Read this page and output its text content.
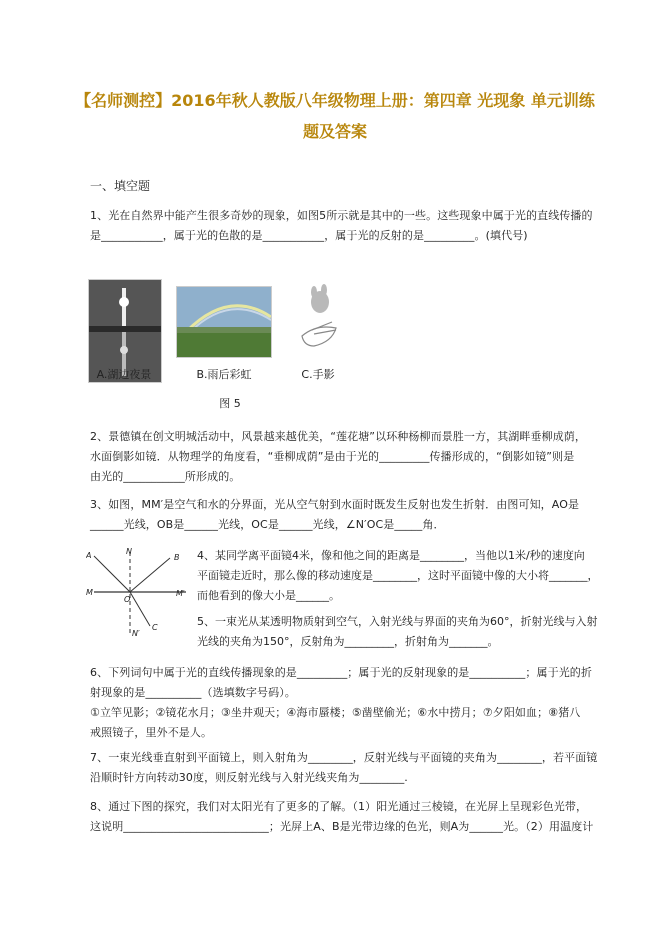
【名师测控】2016年秋人教版八年级物理上册：第四章 光现象 单元训练
题及答案
一、填空题
1、光在自然界中能产生很多奇妙的现象，如图5所示就是其中的一些。这些现象中属于光的直线传播的
是___________，属于光的色散的是___________，属于光的反射的是_________。(填代号)
A.湖边夜景	B.雨后彩虹	C.手影
图 5
2、景德镇在创文明城活动中，风景越来越优美，“莲花塘”以环种杨柳而景胜一方，其湖畔垂柳成荫，
水面倒影如镜．从物理学的角度看，“垂柳成荫”是由于光的_________传播形成的，“倒影如镜”则是
由光的___________所形成的。
3、如图，MM′是空气和水的分界面，光从空气射到水面时既发生反射也发生折射．由图可知，AO是
______光线，OB是______光线，OC是______光线，∠N′OC是_____角．
N
A	B
M
O
M′
N′
C
4、某同学离平面镜4米，像和他之间的距离是________，当他以1米/秒的速度向
平面镜走近时，那么像的移动速度是________，这时平面镜中像的大小将_______，
而他看到的像大小是______。
5、一束光从某透明物质射到空气，入射光线与界面的夹角为60°，折射光线与入射
光线的夹角为150°，反射角为_________，折射角为_______。
6、下列词句中属于光的直线传播现象的是_________；属于光的反射现象的是__________；属于光的折
射现象的是__________（选填数字号码）。
①立竿见影；②镜花水月；③坐井观天；④海市蜃楼；⑤凿壁偷光；⑥水中捞月；⑦夕阳如血；⑧猪八
戒照镜子，里外不是人。
7、一束光线垂直射到平面镜上，则入射角为________，反射光线与平面镜的夹角为________，若平面镜
沿顺时针方向转动30度，则反射光线与入射光线夹角为________.
8、通过下图的探究，我们对太阳光有了更多的了解。（1）阳光通过三棱镜，在光屏上呈现彩色光带，
这说明__________________________；光屏上A、B是光带边缘的色光，则A为______光。（2）用温度计
